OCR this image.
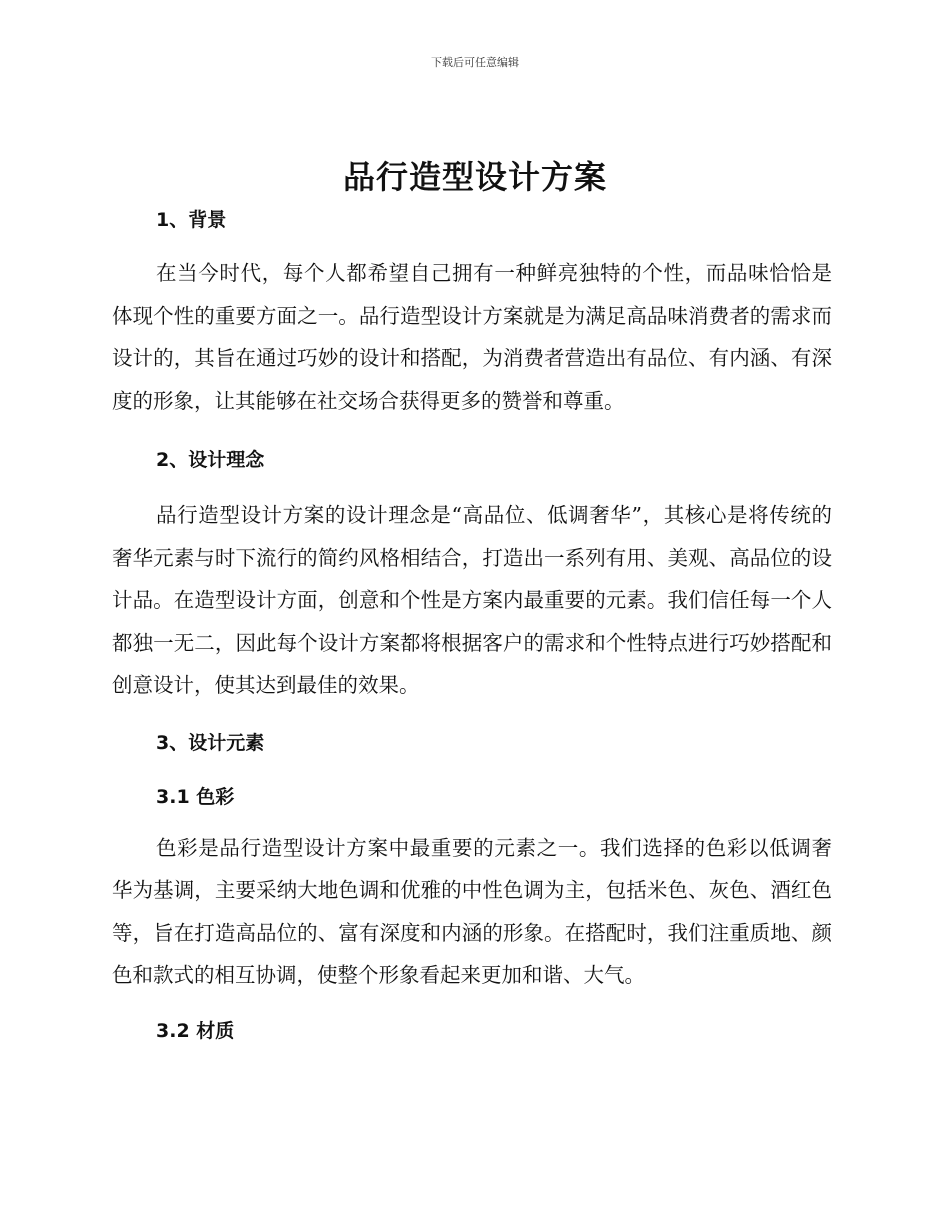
下载后可任意编辑
品行造型设计方案
1、背景

在当今时代，每个人都希望自己拥有一种鲜亮独特的个性，而品味恰恰是体现个性的重要方面之一。品行造型设计方案就是为满足高品味消费者的需求而设计的，其旨在通过巧妙的设计和搭配，为消费者营造出有品位、有内涵、有深度的形象，让其能够在社交场合获得更多的赞誉和尊重。

2、设计理念

品行造型设计方案的设计理念是“高品位、低调奢华”，其核心是将传统的奢华元素与时下流行的简约风格相结合，打造出一系列有用、美观、高品位的设计品。在造型设计方面，创意和个性是方案内最重要的元素。我们信任每一个人都独一无二，因此每个设计方案都将根据客户的需求和个性特点进行巧妙搭配和创意设计，使其达到最佳的效果。

3、设计元素
3.1 色彩

色彩是品行造型设计方案中最重要的元素之一。我们选择的色彩以低调奢华为基调，主要采纳大地色调和优雅的中性色调为主，包括米色、灰色、酒红色等，旨在打造高品位的、富有深度和内涵的形象。在搭配时，我们注重质地、颜色和款式的相互协调，使整个形象看起来更加和谐、大气。

3.2 材质
